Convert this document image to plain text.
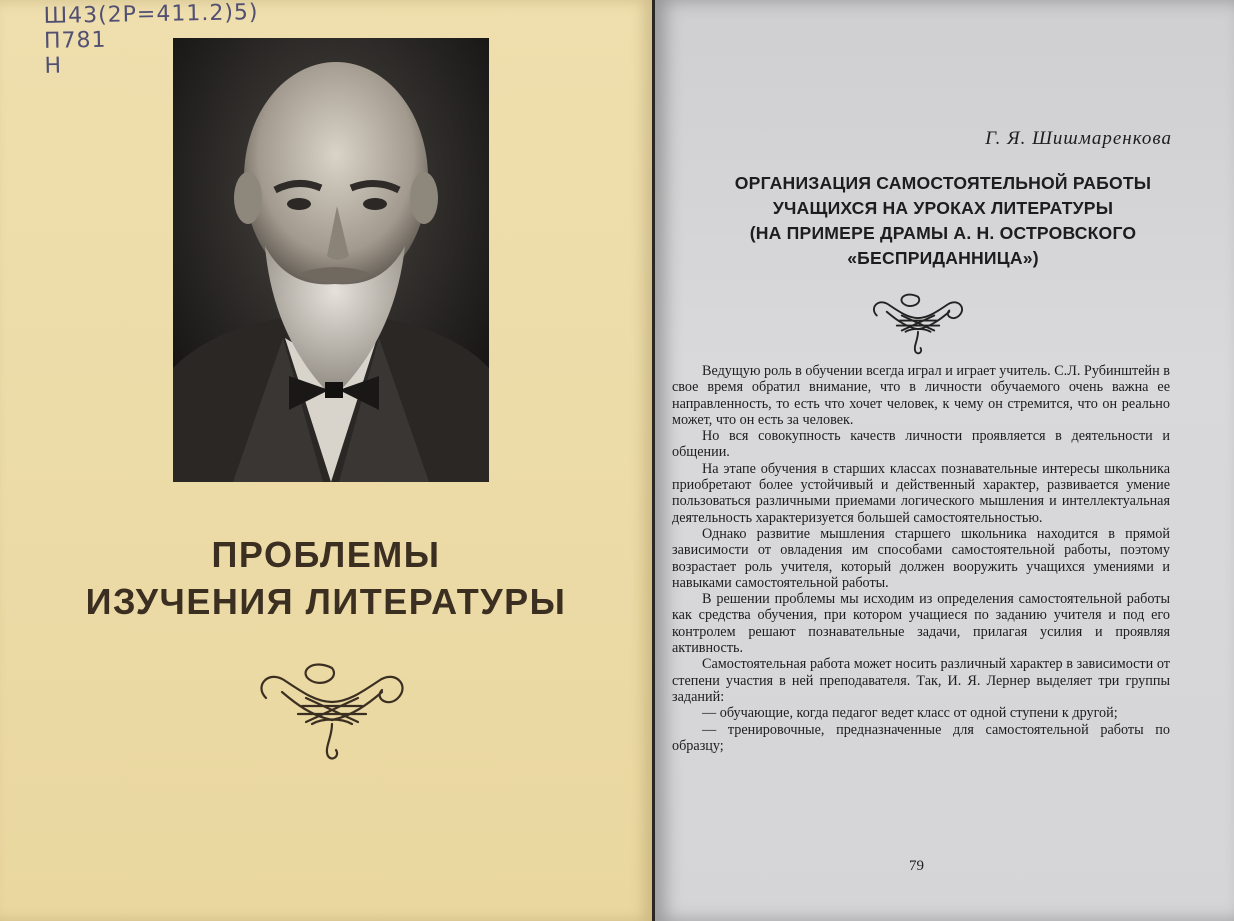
Ш43(2Р=411.2)5)
П781
Н
ПРОБЛЕМЫ
ИЗУЧЕНИЯ ЛИТЕРАТУРЫ
Г. Я. Шишмаренкова
ОРГАНИЗАЦИЯ САМОСТОЯТЕЛЬНОЙ РАБОТЫ
УЧАЩИХСЯ НА УРОКАХ ЛИТЕРАТУРЫ
(НА ПРИМЕРЕ ДРАМЫ А. Н. ОСТРОВСКОГО
«БЕСПРИДАННИЦА»)

Ведущую роль в обучении всегда играл и играет учитель. С.Л. Рубинштейн в свое время обратил внимание, что в личности обучаемого очень важна ее направленность, то есть что хочет человек, к чему он стремится, что он реально может, что он есть за человек.

Но вся совокупность качеств личности проявляется в деятельности и общении.

На этапе обучения в старших классах познавательные интересы школьника приобретают более устойчивый и действенный характер, развивается умение пользоваться различными приемами логического мышления и интеллектуальная деятельность характеризуется большей самостоятельностью.

Однако развитие мышления старшего школьника находится в прямой зависимости от овладения им способами самостоятельной работы, поэтому возрастает роль учителя, который должен вооружить учащихся умениями и навыками самостоятельной работы.

В решении проблемы мы исходим из определения самостоятельной работы как средства обучения, при котором учащиеся по заданию учителя и под его контролем решают познавательные задачи, прилагая усилия и проявляя активность.

Самостоятельная работа может носить различный характер в зависимости от степени участия в ней преподавателя. Так, И. Я. Лернер выделяет три группы заданий:

— обучающие, когда педагог ведет класс от одной ступени к другой;

— тренировочные, предназначенные для самостоятельной работы по образцу;

79
